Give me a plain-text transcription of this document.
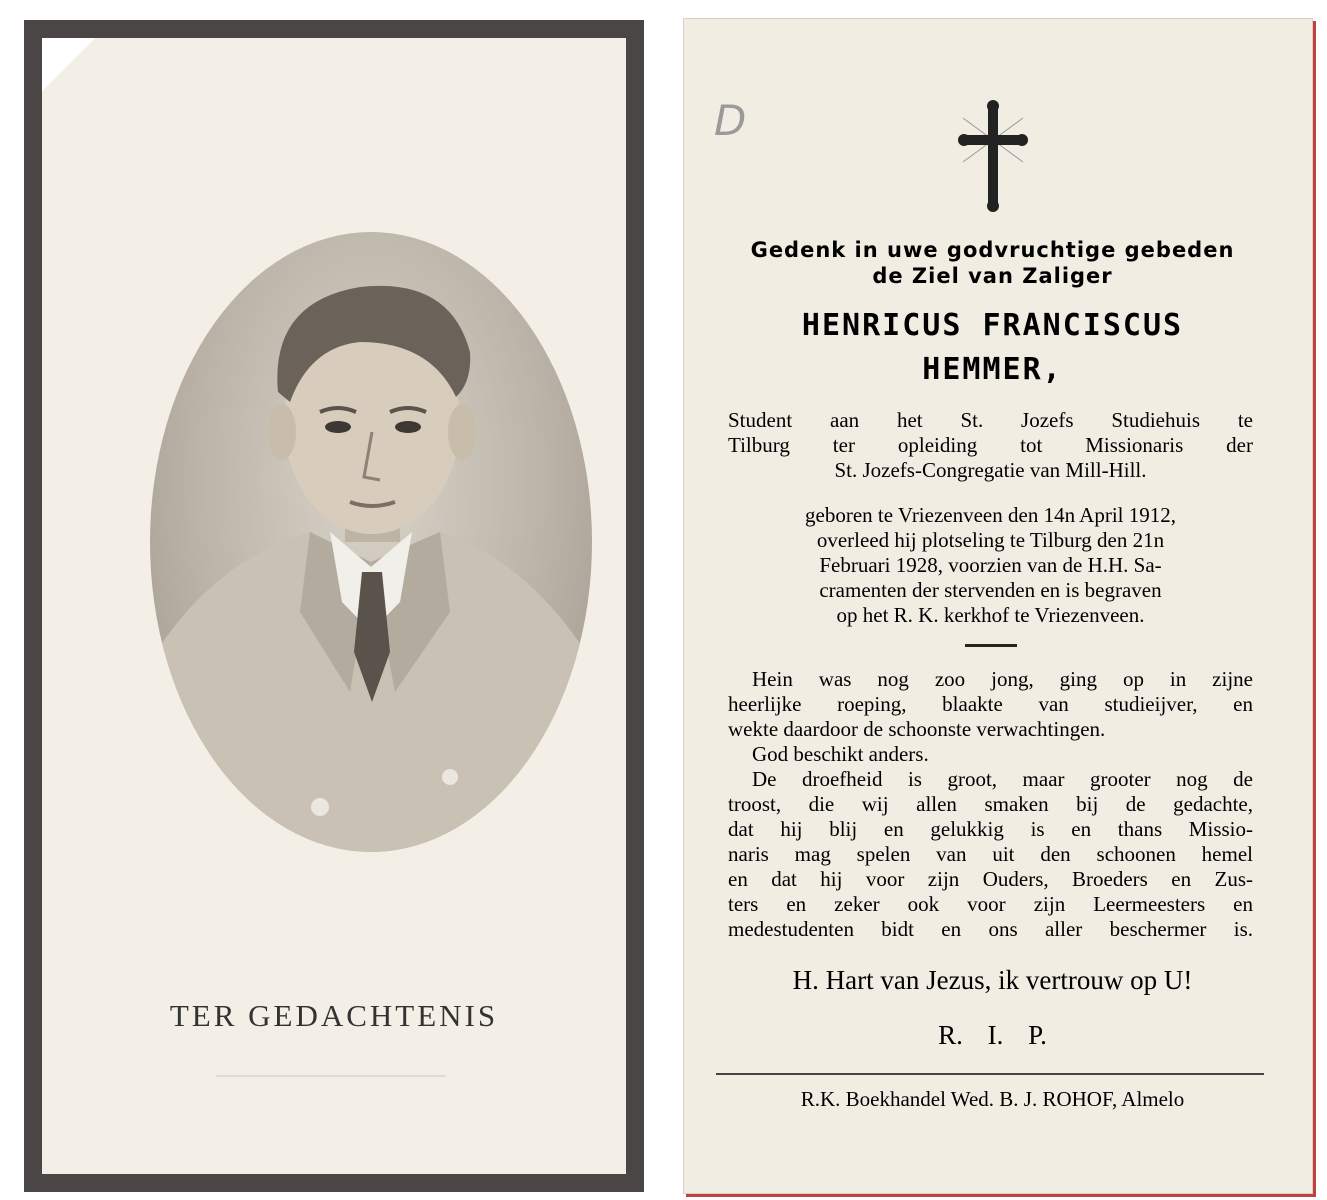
TER GEDACHTENIS
D
Gedenk in uwe godvruchtige gebeden
de Ziel van Zaliger
HENRICUS FRANCISCUS
HEMMER,
Student aan het St. Jozefs Studiehuis te
Tilburg ter opleiding tot Missionaris der
St. Jozefs-Congregatie van Mill-Hill.
geboren te Vriezenveen den 14n April 1912,
overleed hij plotseling te Tilburg den 21n
Februari 1928, voorzien van de H.H. Sa-
cramenten der stervenden en is begraven
op het R. K. kerkhof te Vriezenveen.
Hein was nog zoo jong, ging op in zijne
heerlijke roeping, blaakte van studieijver, en
wekte daardoor de schoonste verwachtingen.
God beschikt anders.
De droefheid is groot, maar grooter nog de
troost, die wij allen smaken bij de gedachte,
dat hij blij en gelukkig is en thans Missio-
naris mag spelen van uit den schoonen hemel
en dat hij voor zijn Ouders, Broeders en Zus-
ters en zeker ook voor zijn Leermeesters en
medestudenten bidt en ons aller beschermer is.
H. Hart van Jezus, ik vertrouw op U!
R. I. P.
R.K. Boekhandel Wed. B. J. ROHOF, Almelo
